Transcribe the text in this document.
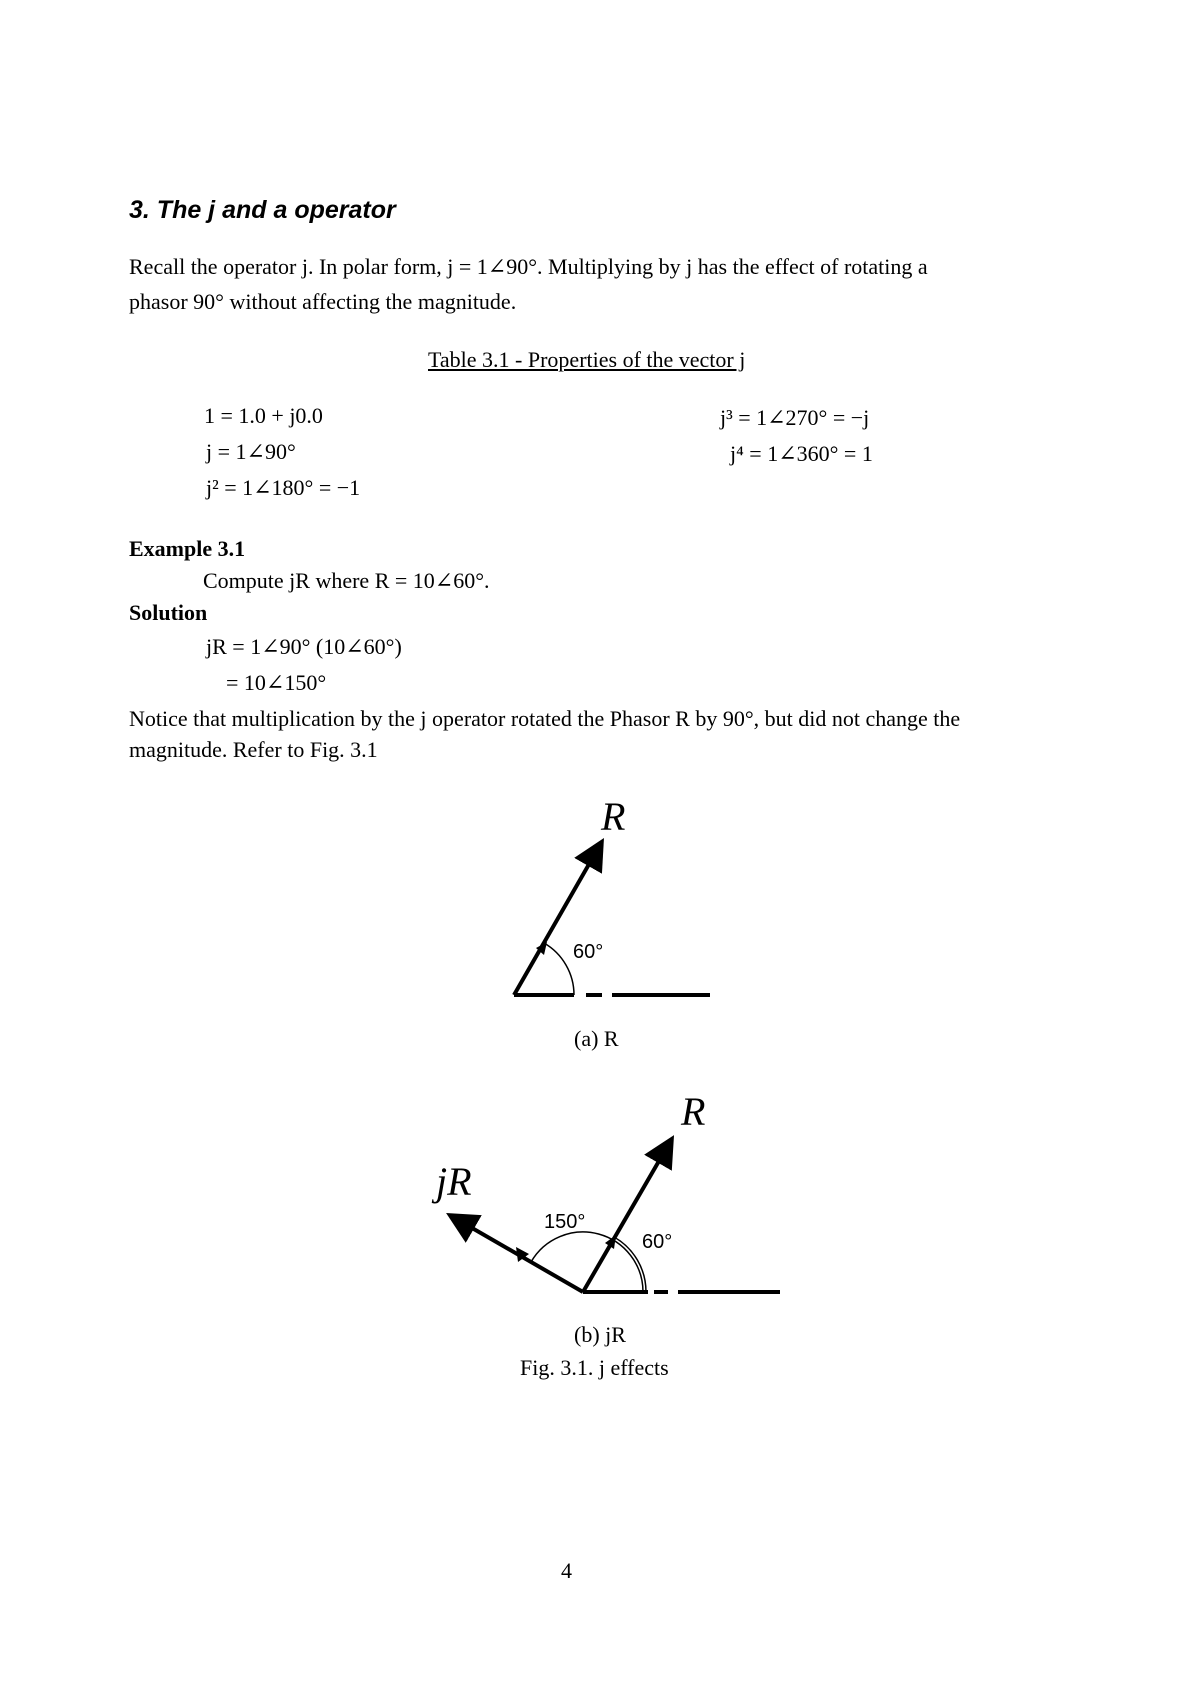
3. The j and a operator
Recall the operator j. In polar form, j = 1∠90°. Multiplying by j has the effect of rotating a
phasor 90° without affecting the magnitude.
Table 3.1 - Properties of the vector j
1 = 1.0 + j0.0
j = 1∠90°
j² = 1∠180° = −1
j³ = 1∠270° = −j
j⁴ = 1∠360° = 1
Example 3.1
Compute jR where R = 10∠60°.
Solution
jR = 1∠90° (10∠60°)
= 10∠150°
Notice that multiplication by the j operator rotated the Phasor R by 90°, but did not change the
magnitude. Refer to Fig. 3.1
60°
R
60°
150°
R
jR
(a) R
(b) jR
Fig. 3.1. j effects
4
